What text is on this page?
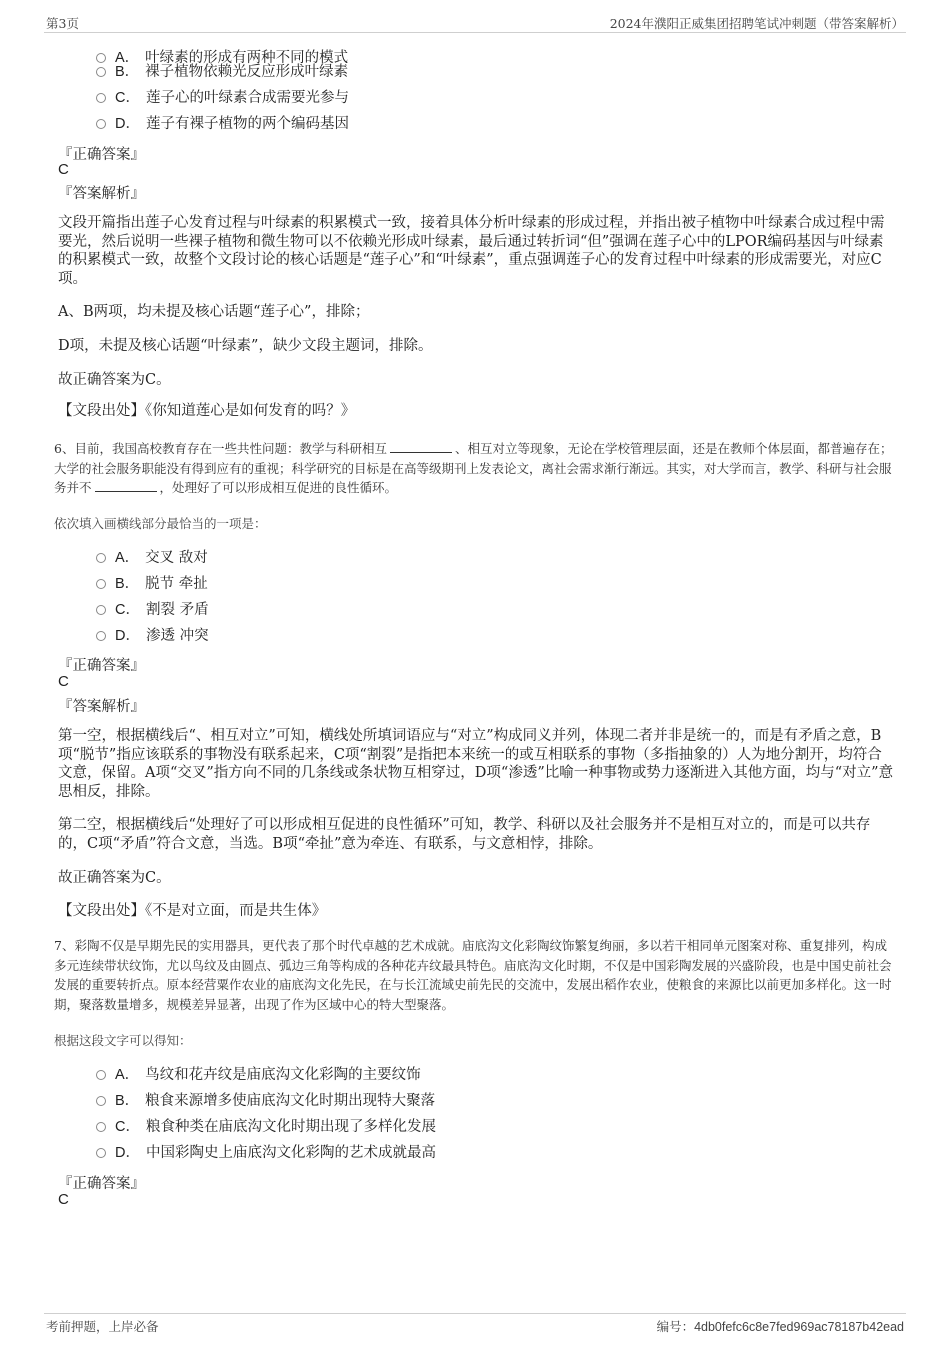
第3页	2024年濮阳正威集团招聘笔试冲刺题（带答案解析）
A． 叶绿素的形成有两种不同的模式
B． 裸子植物依赖光反应形成叶绿素
C． 莲子心的叶绿素合成需要光参与
D． 莲子有裸子植物的两个编码基因
『正确答案』
C
『答案解析』
文段开篇指出莲子心发育过程与叶绿素的积累模式一致，接着具体分析叶绿素的形成过程，并指出被子植物中叶绿素合成过程中需要光，然后说明一些裸子植物和微生物可以不依赖光形成叶绿素，最后通过转折词“但”强调在莲子心中的LPOR编码基因与叶绿素的积累模式一致，故整个文段讨论的核心话题是“莲子心”和“叶绿素”，重点强调莲子心的发育过程中叶绿素的形成需要光，对应C项。
A、B两项，均未提及核心话题“莲子心”，排除；
D项，未提及核心话题“叶绿素”，缺少文段主题词，排除。
故正确答案为C。
【文段出处】《你知道莲心是如何发育的吗？》
6、目前，我国高校教育存在一些共性问题：教学与科研相互	、相互对立等现象，无论在学校管理层面，还是在教师个体层面，都普遍存在；大学的社会服务职能没有得到应有的重视；科学研究的目标是在高等级期刊上发表论文，离社会需求渐行渐远。其实，对大学而言，教学、科研与社会服务并不	，处理好了可以形成相互促进的良性循环。
依次填入画横线部分最恰当的一项是：
A． 交叉 敌对
B． 脱节 牵扯
C． 割裂 矛盾
D． 渗透 冲突
『正确答案』
C
『答案解析』
第一空，根据横线后“、相互对立”可知，横线处所填词语应与“对立”构成同义并列，体现二者并非是统一的，而是有矛盾之意，B项“脱节”指应该联系的事物没有联系起来，C项“割裂”是指把本来统一的或互相联系的事物（多指抽象的）人为地分割开，均符合文意，保留。A项“交叉”指方向不同的几条线或条状物互相穿过，D项“渗透”比喻一种事物或势力逐渐进入其他方面，均与“对立”意思相反，排除。
第二空，根据横线后“处理好了可以形成相互促进的良性循环”可知，教学、科研以及社会服务并不是相互对立的，而是可以共存的，C项“矛盾”符合文意，当选。B项“牵扯”意为牵连、有联系，与文意相悖，排除。
故正确答案为C。
【文段出处】《不是对立面，而是共生体》
7、彩陶不仅是早期先民的实用器具，更代表了那个时代卓越的艺术成就。庙底沟文化彩陶纹饰繁复绚丽，多以若干相同单元图案对称、重复排列，构成多元连续带状纹饰，尤以鸟纹及由圆点、弧边三角等构成的各种花卉纹最具特色。庙底沟文化时期，不仅是中国彩陶发展的兴盛阶段，也是中国史前社会发展的重要转折点。原本经营粟作农业的庙底沟文化先民，在与长江流域史前先民的交流中，发展出稻作农业，使粮食的来源比以前更加多样化。这一时期，聚落数量增多，规模差异显著，出现了作为区域中心的特大型聚落。
根据这段文字可以得知：
A． 鸟纹和花卉纹是庙底沟文化彩陶的主要纹饰
B． 粮食来源增多使庙底沟文化时期出现特大聚落
C． 粮食种类在庙底沟文化时期出现了多样化发展
D． 中国彩陶史上庙底沟文化彩陶的艺术成就最高
『正确答案』
C
考前押题，上岸必备	编号：4db0fefc6c8e7fed969ac78187b42ead
